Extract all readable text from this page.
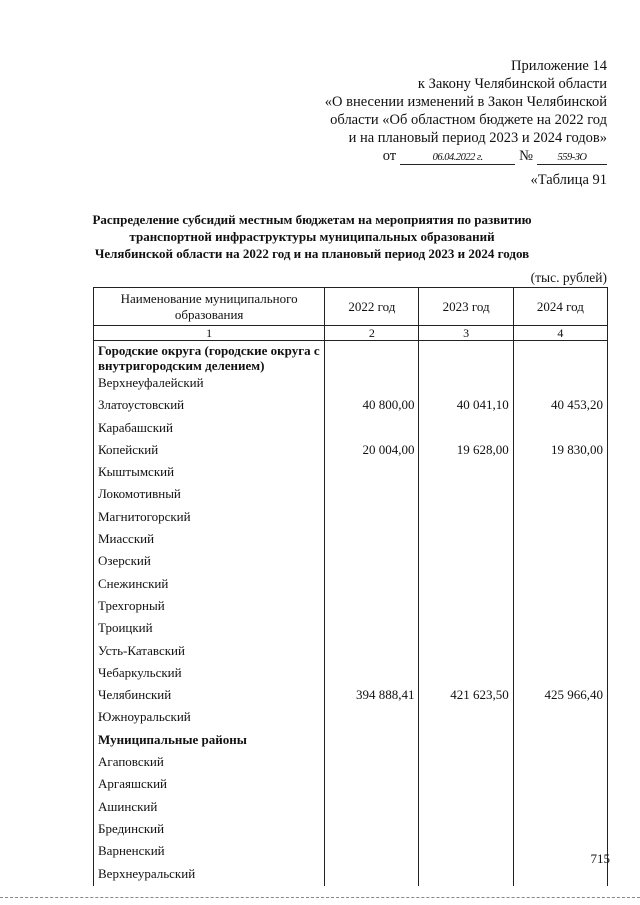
Приложение 14
к Закону Челябинской области
«О внесении изменений в Закон Челябинской
области «Об областном бюджете на 2022 год
и на плановый период 2023 и 2024 годов»
от	06.04.2022 г.	№	559-ЗО
«Таблица 91
Распределение субсидий местным бюджетам на мероприятия по развитию транспортной инфраструктуры муниципальных образований Челябинской области на 2022 год и на плановый период 2023 и 2024 годов
(тыс. рублей)
Наименование муниципального образования	2022 год	2023 год	2024 год
1	2	3	4
Городские округа (городские округа с внутригородским делением)			
Верхнеуфалейский			
Златоустовский	40 800,00	40 041,10	40 453,20
Карабашский			
Копейский	20 004,00	19 628,00	19 830,00
Кыштымский			
Локомотивный			
Магнитогорский			
Миасский			
Озерский			
Снежинский			
Трехгорный			
Троицкий			
Усть-Катавский			
Чебаркульский			
Челябинский	394 888,41	421 623,50	425 966,40
Южноуральский			
Муниципальные районы			
Агаповский			
Аргаяшский			
Ашинский			
Брединский			
Варненский			
Верхнеуральский			
715
